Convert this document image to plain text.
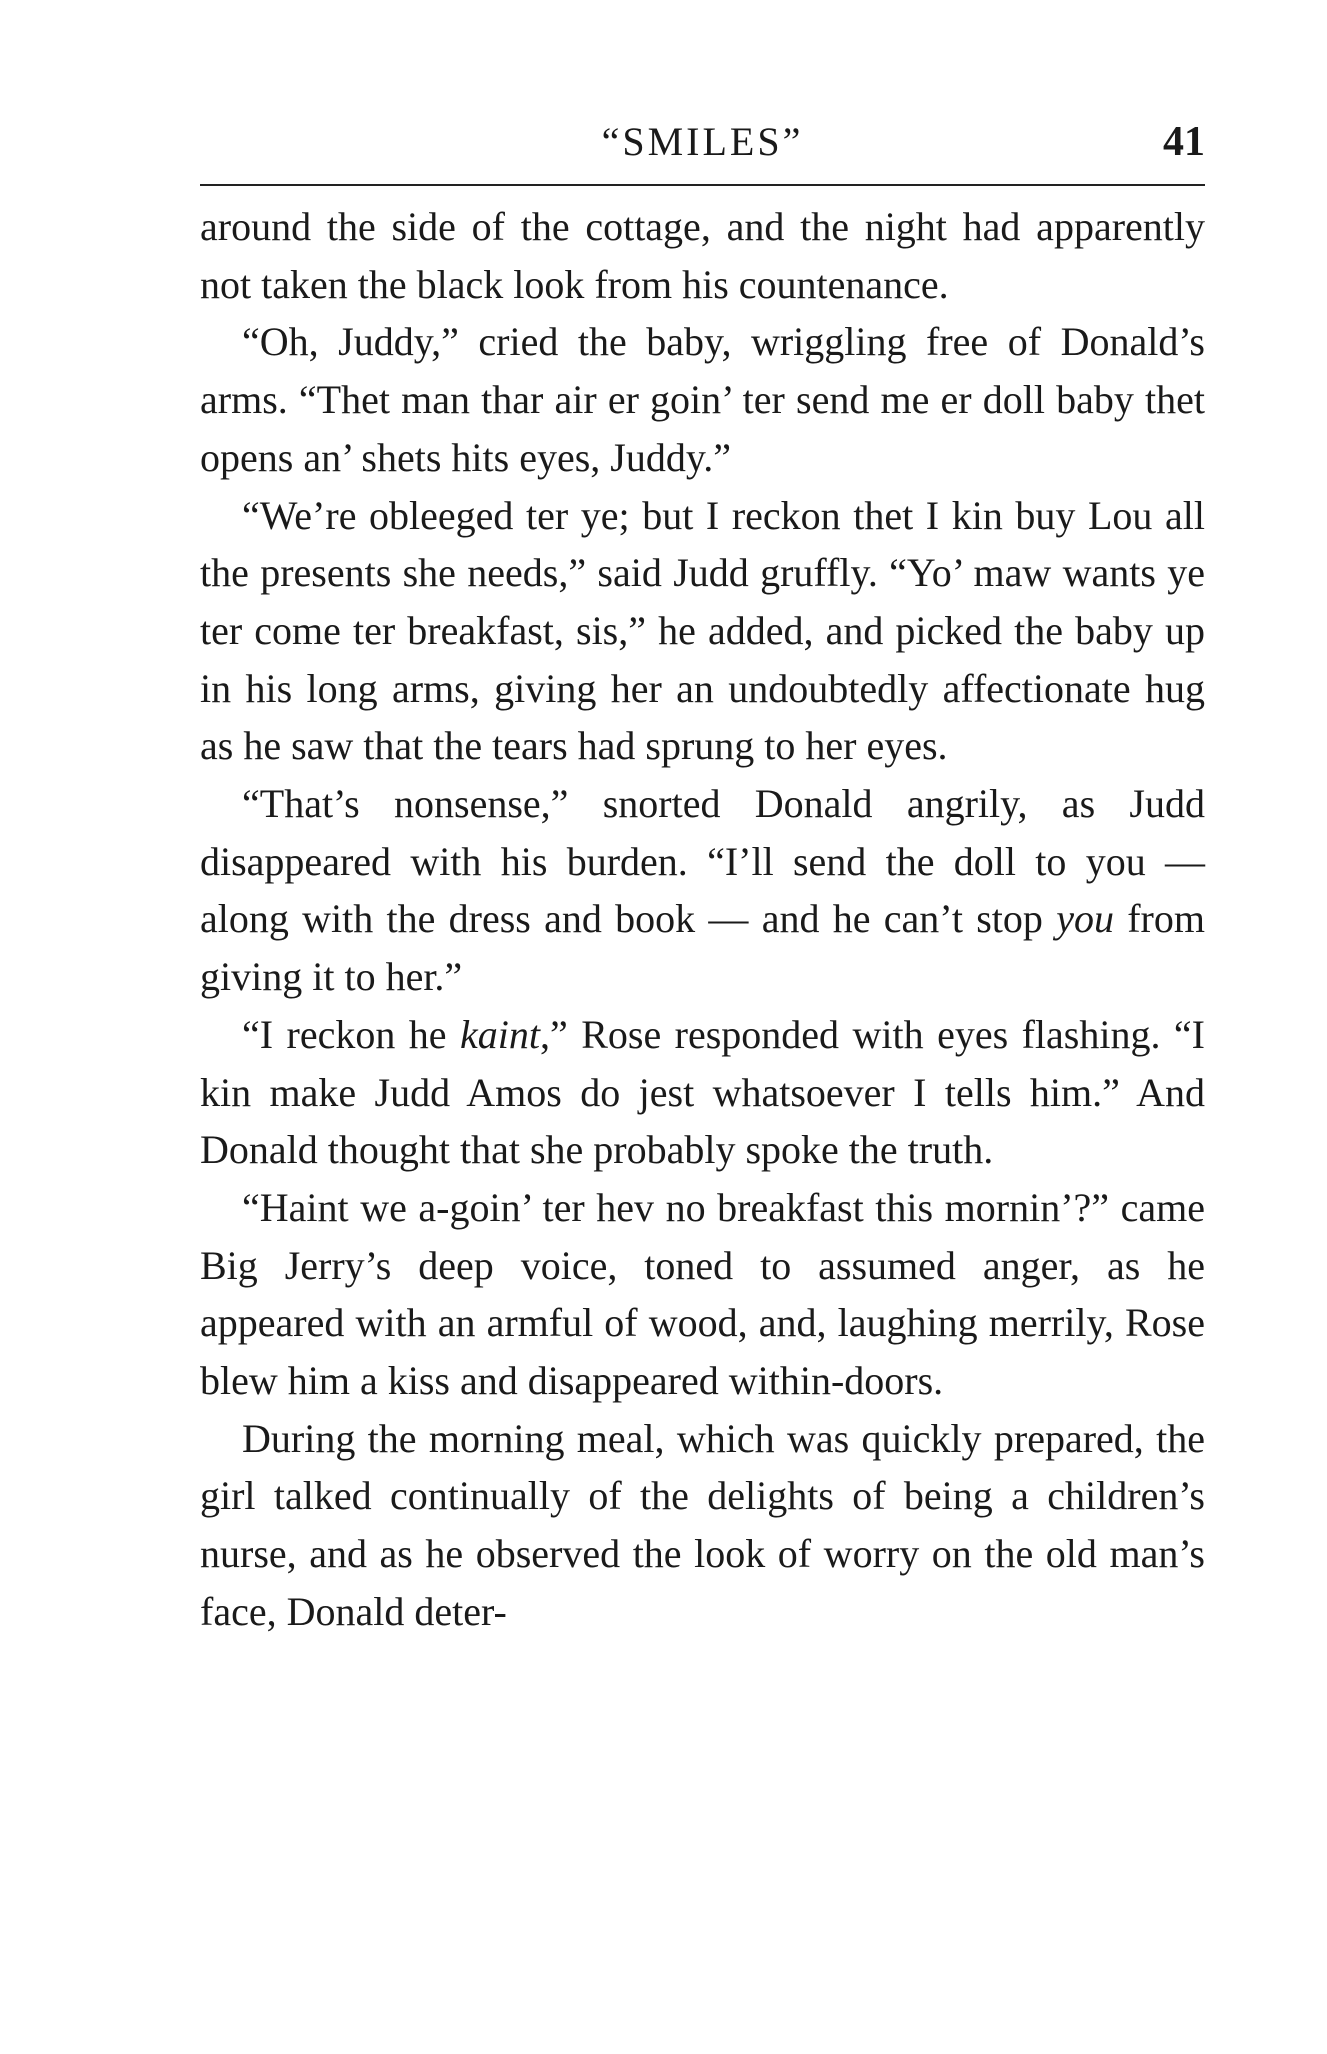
“SMILES”	41

around the side of the cottage, and the night had apparently not taken the black look from his countenance.

“Oh, Juddy,” cried the baby, wriggling free of Donald’s arms. “Thet man thar air er goin’ ter send me er doll baby thet opens an’ shets hits eyes, Juddy.”

“We’re obleeged ter ye; but I reckon thet I kin buy Lou all the presents she needs,” said Judd gruffly. “Yo’ maw wants ye ter come ter breakfast, sis,” he added, and picked the baby up in his long arms, giving her an undoubtedly affectionate hug as he saw that the tears had sprung to her eyes.

“That’s nonsense,” snorted Donald angrily, as Judd disappeared with his burden. “I’ll send the doll to you — along with the dress and book — and he can’t stop you from giving it to her.”

“I reckon he kaint,” Rose responded with eyes flashing. “I kin make Judd Amos do jest whatsoever I tells him.” And Donald thought that she probably spoke the truth.

“Haint we a-goin’ ter hev no breakfast this mornin’?” came Big Jerry’s deep voice, toned to assumed anger, as he appeared with an armful of wood, and, laughing merrily, Rose blew him a kiss and disappeared within-doors.

During the morning meal, which was quickly prepared, the girl talked continually of the delights of being a children’s nurse, and as he observed the look of worry on the old man’s face, Donald deter-
